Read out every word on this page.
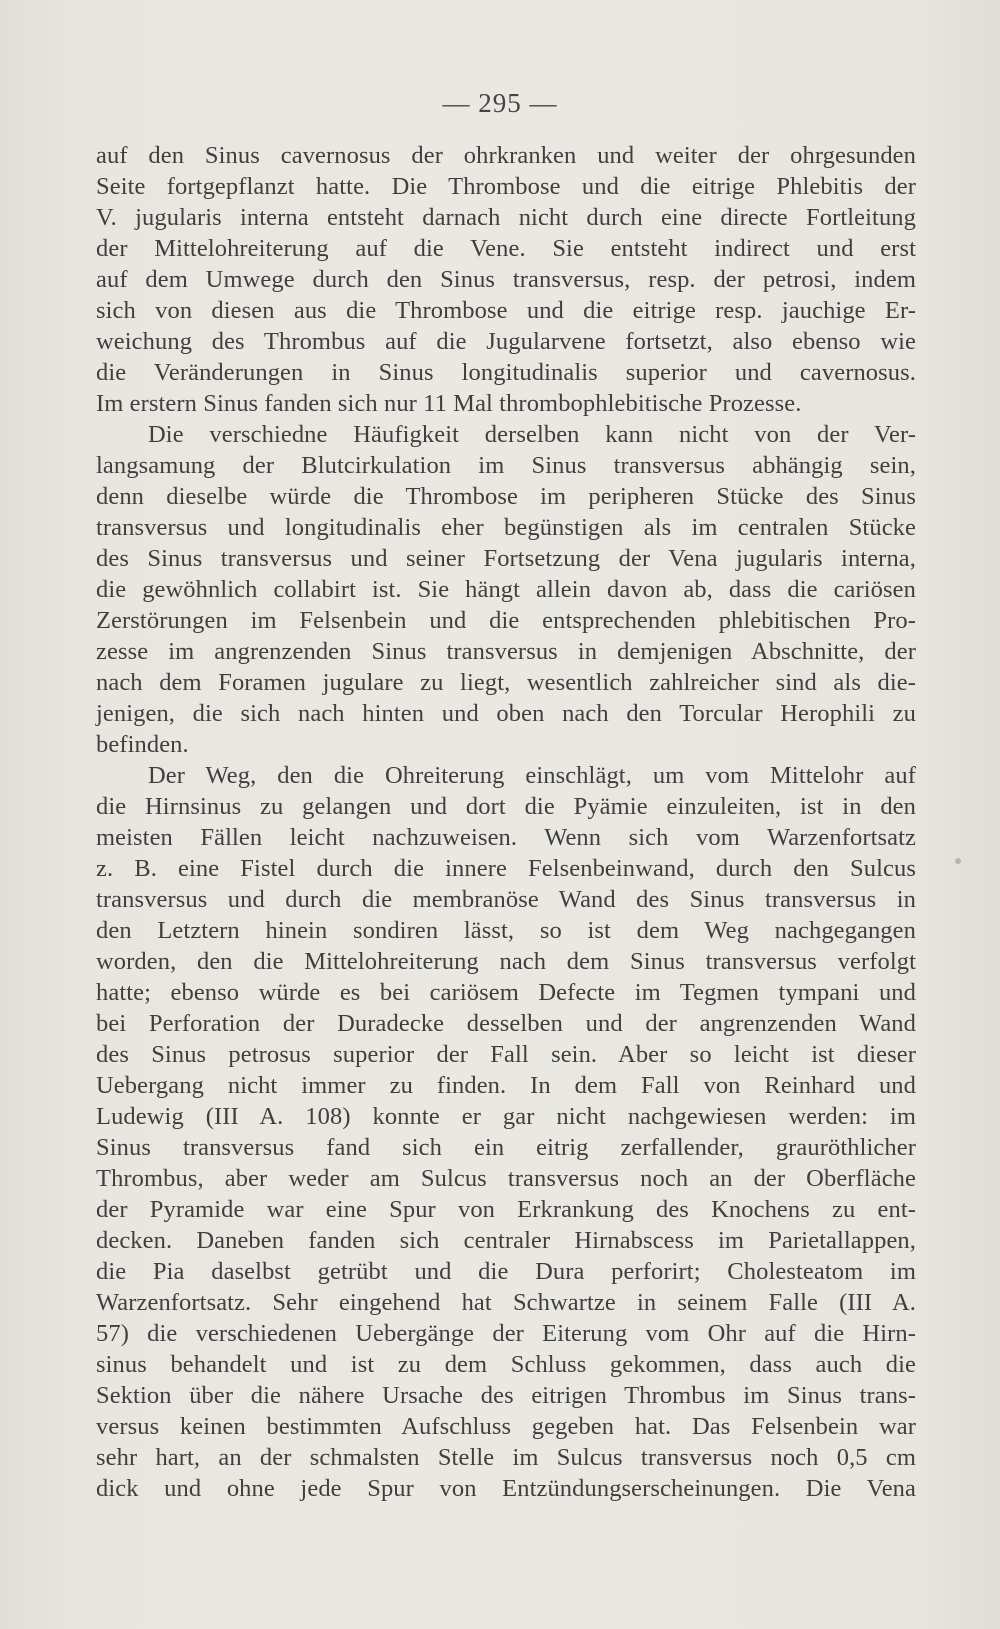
— 295 —
auf den Sinus cavernosus der ohrkranken und weiter der ohrgesunden
Seite fortgepflanzt hatte. Die Thrombose und die eitrige Phlebitis der
V. jugularis interna entsteht darnach nicht durch eine directe Fortleitung
der Mittelohreiterung auf die Vene. Sie entsteht indirect und erst
auf dem Umwege durch den Sinus transversus, resp. der petrosi, indem
sich von diesen aus die Thrombose und die eitrige resp. jauchige Er-
weichung des Thrombus auf die Jugularvene fortsetzt, also ebenso wie
die Veränderungen in Sinus longitudinalis superior und cavernosus.
Im erstern Sinus fanden sich nur 11 Mal thrombophlebitische Prozesse.
Die verschiedne Häufigkeit derselben kann nicht von der Ver-
langsamung der Blutcirkulation im Sinus transversus abhängig sein,
denn dieselbe würde die Thrombose im peripheren Stücke des Sinus
transversus und longitudinalis eher begünstigen als im centralen Stücke
des Sinus transversus und seiner Fortsetzung der Vena jugularis interna,
die gewöhnlich collabirt ist. Sie hängt allein davon ab, dass die cariösen
Zerstörungen im Felsenbein und die entsprechenden phlebitischen Pro-
zesse im angrenzenden Sinus transversus in demjenigen Abschnitte, der
nach dem Foramen jugulare zu liegt, wesentlich zahlreicher sind als die-
jenigen, die sich nach hinten und oben nach den Torcular Herophili zu
befinden.
Der Weg, den die Ohreiterung einschlägt, um vom Mittelohr auf
die Hirnsinus zu gelangen und dort die Pyämie einzuleiten, ist in den
meisten Fällen leicht nachzuweisen. Wenn sich vom Warzenfortsatz
z. B. eine Fistel durch die innere Felsenbeinwand, durch den Sulcus
transversus und durch die membranöse Wand des Sinus transversus in
den Letztern hinein sondiren lässt, so ist dem Weg nachgegangen
worden, den die Mittelohreiterung nach dem Sinus transversus verfolgt
hatte; ebenso würde es bei cariösem Defecte im Tegmen tympani und
bei Perforation der Duradecke desselben und der angrenzenden Wand
des Sinus petrosus superior der Fall sein. Aber so leicht ist dieser
Uebergang nicht immer zu finden. In dem Fall von Reinhard und
Ludewig (III A. 108) konnte er gar nicht nachgewiesen werden: im
Sinus transversus fand sich ein eitrig zerfallender, grauröthlicher
Thrombus, aber weder am Sulcus transversus noch an der Oberfläche
der Pyramide war eine Spur von Erkrankung des Knochens zu ent-
decken. Daneben fanden sich centraler Hirnabscess im Parietallappen,
die Pia daselbst getrübt und die Dura perforirt; Cholesteatom im
Warzenfortsatz. Sehr eingehend hat Schwartze in seinem Falle (III A.
57) die verschiedenen Uebergänge der Eiterung vom Ohr auf die Hirn-
sinus behandelt und ist zu dem Schluss gekommen, dass auch die
Sektion über die nähere Ursache des eitrigen Thrombus im Sinus trans-
versus keinen bestimmten Aufschluss gegeben hat. Das Felsenbein war
sehr hart, an der schmalsten Stelle im Sulcus transversus noch 0,5 cm
dick und ohne jede Spur von Entzündungserscheinungen. Die Vena
